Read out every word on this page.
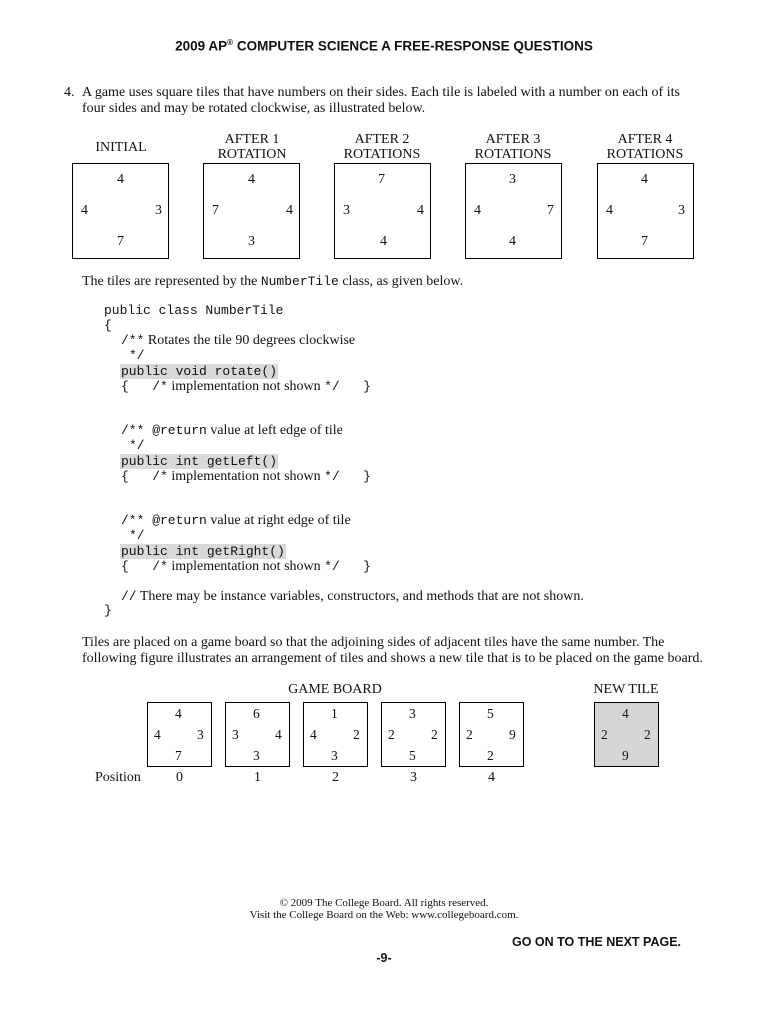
2009 AP® COMPUTER SCIENCE A FREE-RESPONSE QUESTIONS
4. A game uses square tiles that have numbers on their sides. Each tile is labeled with a number on each of its
four sides and may be rotated clockwise, as illustrated below.
INITIAL
4
4	3
7
AFTER 1
ROTATION
4
7	4
3
AFTER 2
ROTATIONS
7
3	4
4
AFTER 3
ROTATIONS
3
4	7
4
AFTER 4
ROTATIONS
4
4	3
7
The tiles are represented by the NumberTile class, as given below.
public class NumberTile
{
/** Rotates the tile 90 degrees clockwise
*/
public void rotate()
{   /* implementation not shown */   }
/** @return value at left edge of tile
*/
public int getLeft()
{   /* implementation not shown */   }
/** @return value at right edge of tile
*/
public int getRight()
{   /* implementation not shown */   }
// There may be instance variables, constructors, and methods that are not shown.
}
Tiles are placed on a game board so that the adjoining sides of adjacent tiles have the same number. The
following figure illustrates an arrangement of tiles and shows a new tile that is to be placed on the game board.
GAME BOARD
4
4	3
7
6
3	4
3
1
4	2
3
3
2	2
5
5
2	9
2
Position	0	1	2	3	4
NEW TILE
4
2	2
9
© 2009 The College Board. All rights reserved.
Visit the College Board on the Web: www.collegeboard.com.
GO ON TO THE NEXT PAGE.
-9-
